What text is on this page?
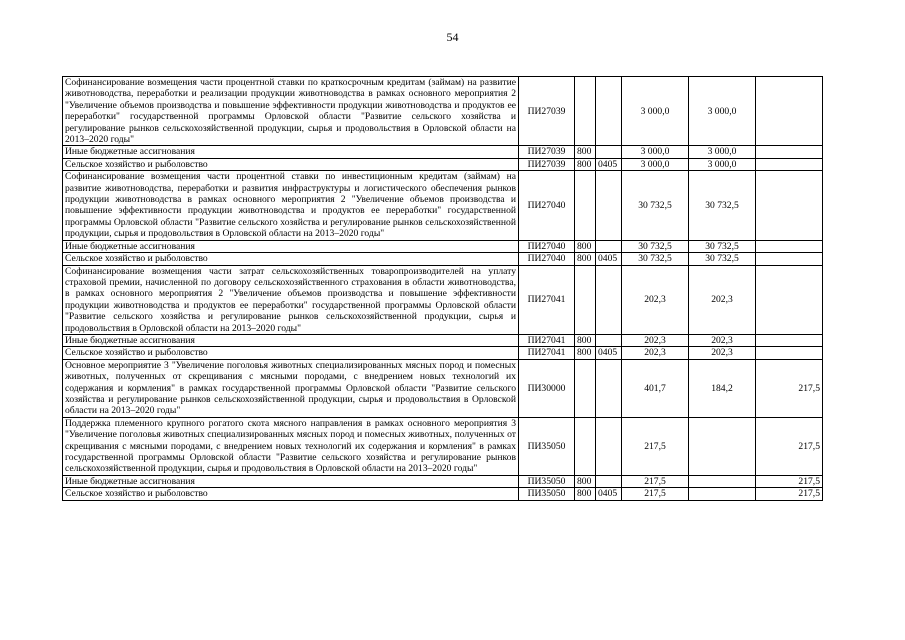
54
Софинансирование возмещения части процентной ставки по краткосрочным кредитам (займам) на развитие животноводства, переработки и реализации продукции животноводства в рамках основного мероприятия 2 "Увеличение объемов производства и повышение эффективности продукции животноводства и продуктов ее переработки" государственной программы Орловской области "Развитие сельского хозяйства и регулирование рынков сельскохозяйственной продукции, сырья и продовольствия в Орловской области на 2013–2020 годы"	ПИ27039			3 000,0	3 000,0	
Иные бюджетные ассигнования	ПИ27039	800		3 000,0	3 000,0	
Сельское хозяйство и рыболовство	ПИ27039	800	0405	3 000,0	3 000,0	
Софинансирование возмещения части процентной ставки по инвестиционным кредитам (займам) на развитие животноводства, переработки и развития инфраструктуры и логистического обеспечения рынков продукции животноводства в рамках основного мероприятия 2 "Увеличение объемов производства и повышение эффективности продукции животноводства и продуктов ее переработки" государственной программы Орловской области "Развитие сельского хозяйства и регулирование рынков сельскохозяйственной продукции, сырья и продовольствия в Орловской области на 2013–2020 годы"	ПИ27040			30 732,5	30 732,5	
Иные бюджетные ассигнования	ПИ27040	800		30 732,5	30 732,5	
Сельское хозяйство и рыболовство	ПИ27040	800	0405	30 732,5	30 732,5	
Софинансирование возмещения части затрат сельскохозяйственных товаропроизводителей на уплату страховой премии, начисленной по договору сельскохозяйственного страхования в области животноводства, в рамках основного мероприятия 2 "Увеличение объемов производства и повышение эффективности продукции животноводства и продуктов ее переработки" государственной программы Орловской области "Развитие сельского хозяйства и регулирование рынков сельскохозяйственной продукции, сырья и продовольствия в Орловской области на 2013–2020 годы"	ПИ27041			202,3	202,3	
Иные бюджетные ассигнования	ПИ27041	800		202,3	202,3	
Сельское хозяйство и рыболовство	ПИ27041	800	0405	202,3	202,3	
Основное мероприятие 3 "Увеличение поголовья животных специализированных мясных пород и помесных животных, полученных от скрещивания с мясными породами, с внедрением новых технологий их содержания и кормления" в рамках государственной программы Орловской области "Развитие сельского хозяйства и регулирование рынков сельскохозяйственной продукции, сырья и продовольствия в Орловской области на 2013–2020 годы"	ПИ30000			401,7	184,2	217,5
Поддержка племенного крупного рогатого скота мясного направления в рамках основного мероприятия 3 "Увеличение поголовья животных специализированных мясных пород и помесных животных, полученных от скрещивания с мясными породами, с внедрением новых технологий их содержания и кормления" в рамках государственной программы Орловской области "Развитие сельского хозяйства и регулирование рынков сельскохозяйственной продукции, сырья и продовольствия в Орловской области на 2013–2020 годы"	ПИ35050			217,5		217,5
Иные бюджетные ассигнования	ПИ35050	800		217,5		217,5
Сельское хозяйство и рыболовство	ПИ35050	800	0405	217,5		217,5
